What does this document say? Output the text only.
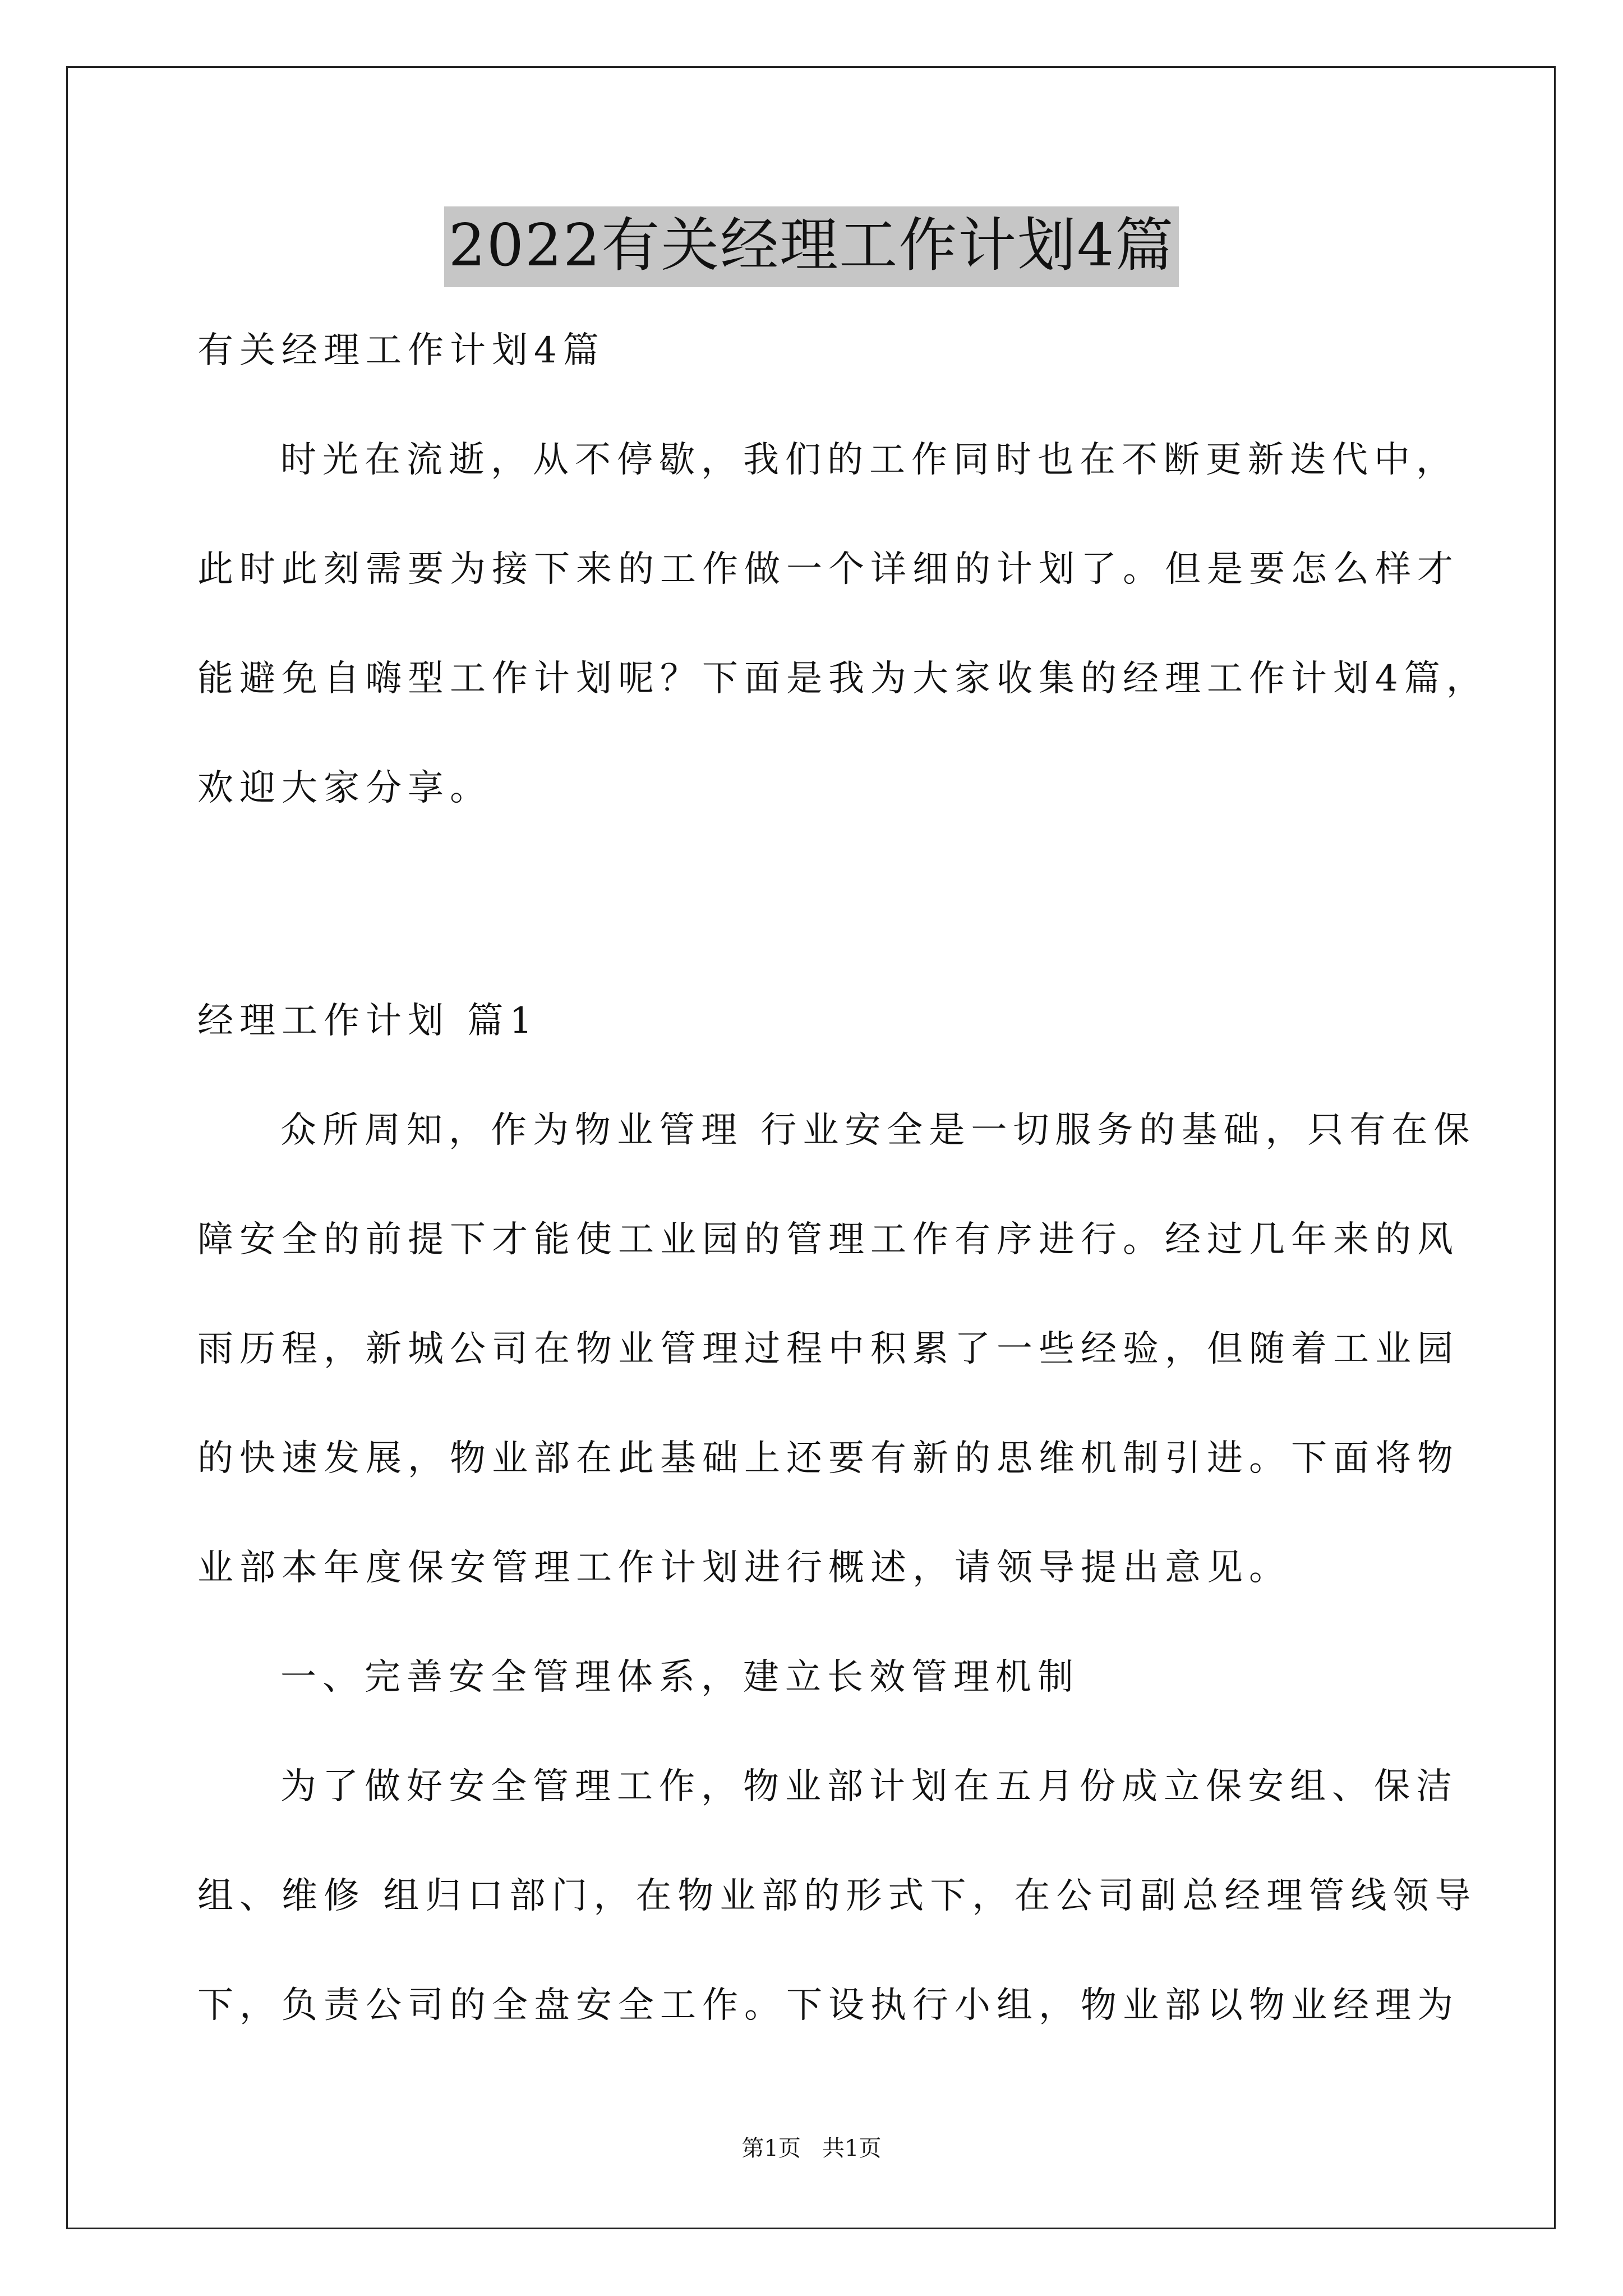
2022有关经理工作计划4篇
有关经理工作计划4篇
时光在流逝，从不停歇，我们的工作同时也在不断更新迭代中，
此时此刻需要为接下来的工作做一个详细的计划了。但是要怎么样才
能避免自嗨型工作计划呢？下面是我为大家收集的经理工作计划4篇，
欢迎大家分享。
经理工作计划 篇1
众所周知，作为物业管理 行业安全是一切服务的基础，只有在保
障安全的前提下才能使工业园的管理工作有序进行。经过几年来的风
雨历程，新城公司在物业管理过程中积累了一些经验，但随着工业园
的快速发展，物业部在此基础上还要有新的思维机制引进。下面将物
业部本年度保安管理工作计划进行概述，请领导提出意见。
一、完善安全管理体系，建立长效管理机制
为了做好安全管理工作，物业部计划在五月份成立保安组、保洁
组、维修 组归口部门，在物业部的形式下，在公司副总经理管线领导
下，负责公司的全盘安全工作。下设执行小组，物业部以物业经理为
第1页   共1页
